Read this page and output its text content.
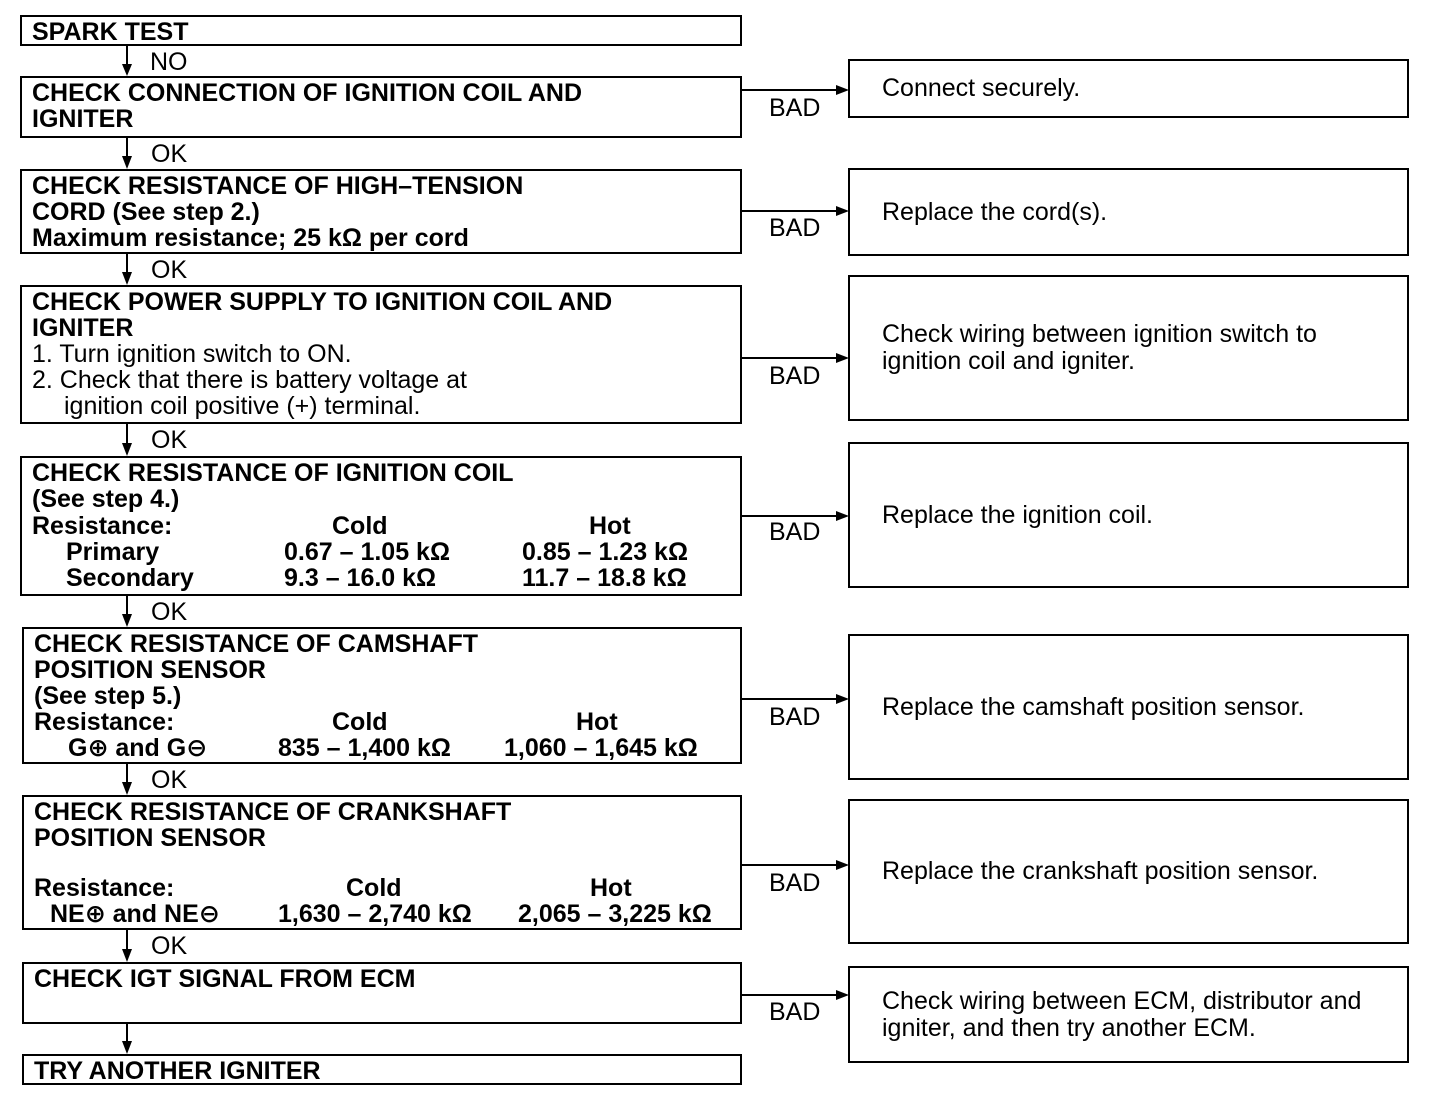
NO
OK
OK
OK
OK
OK
OK
BAD
BAD
BAD
BAD
BAD
BAD
BAD
SPARK TEST
CHECK CONNECTION OF IGNITION COIL AND IGNITER
CHECK RESISTANCE OF HIGH–TENSION CORD (See step 2.)
Maximum resistance; 25 kΩ per cord
CHECK POWER SUPPLY TO IGNITION COIL AND IGNITER
1. Turn ignition switch to ON.
2. Check that there is battery voltage at
ignition coil positive (+) terminal.
CHECK RESISTANCE OF IGNITION COIL
(See step 4.)
Resistance:	Cold	Hot
Primary	0.67 – 1.05 kΩ	0.85 – 1.23 kΩ
Secondary	9.3 – 16.0 kΩ	11.7 – 18.8 kΩ
CHECK RESISTANCE OF CAMSHAFT POSITION SENSOR
(See step 5.)
Resistance:	Cold	Hot
G⊕ and G⊖	835 – 1,400 kΩ 1,060 – 1,645 kΩ
CHECK RESISTANCE OF CRANKSHAFT POSITION SENSOR
Resistance:	Cold	Hot
NE⊕ and NE⊖ 1,630 – 2,740 kΩ 2,065 – 3,225 kΩ
CHECK IGT SIGNAL FROM ECM
TRY ANOTHER IGNITER
Connect securely.
Replace the cord(s).
Check wiring between ignition switch to ignition coil and igniter.
Replace the ignition coil.
Replace the camshaft position sensor.
Replace the crankshaft position sensor.
Check wiring between ECM, distributor and igniter, and then try another ECM.
